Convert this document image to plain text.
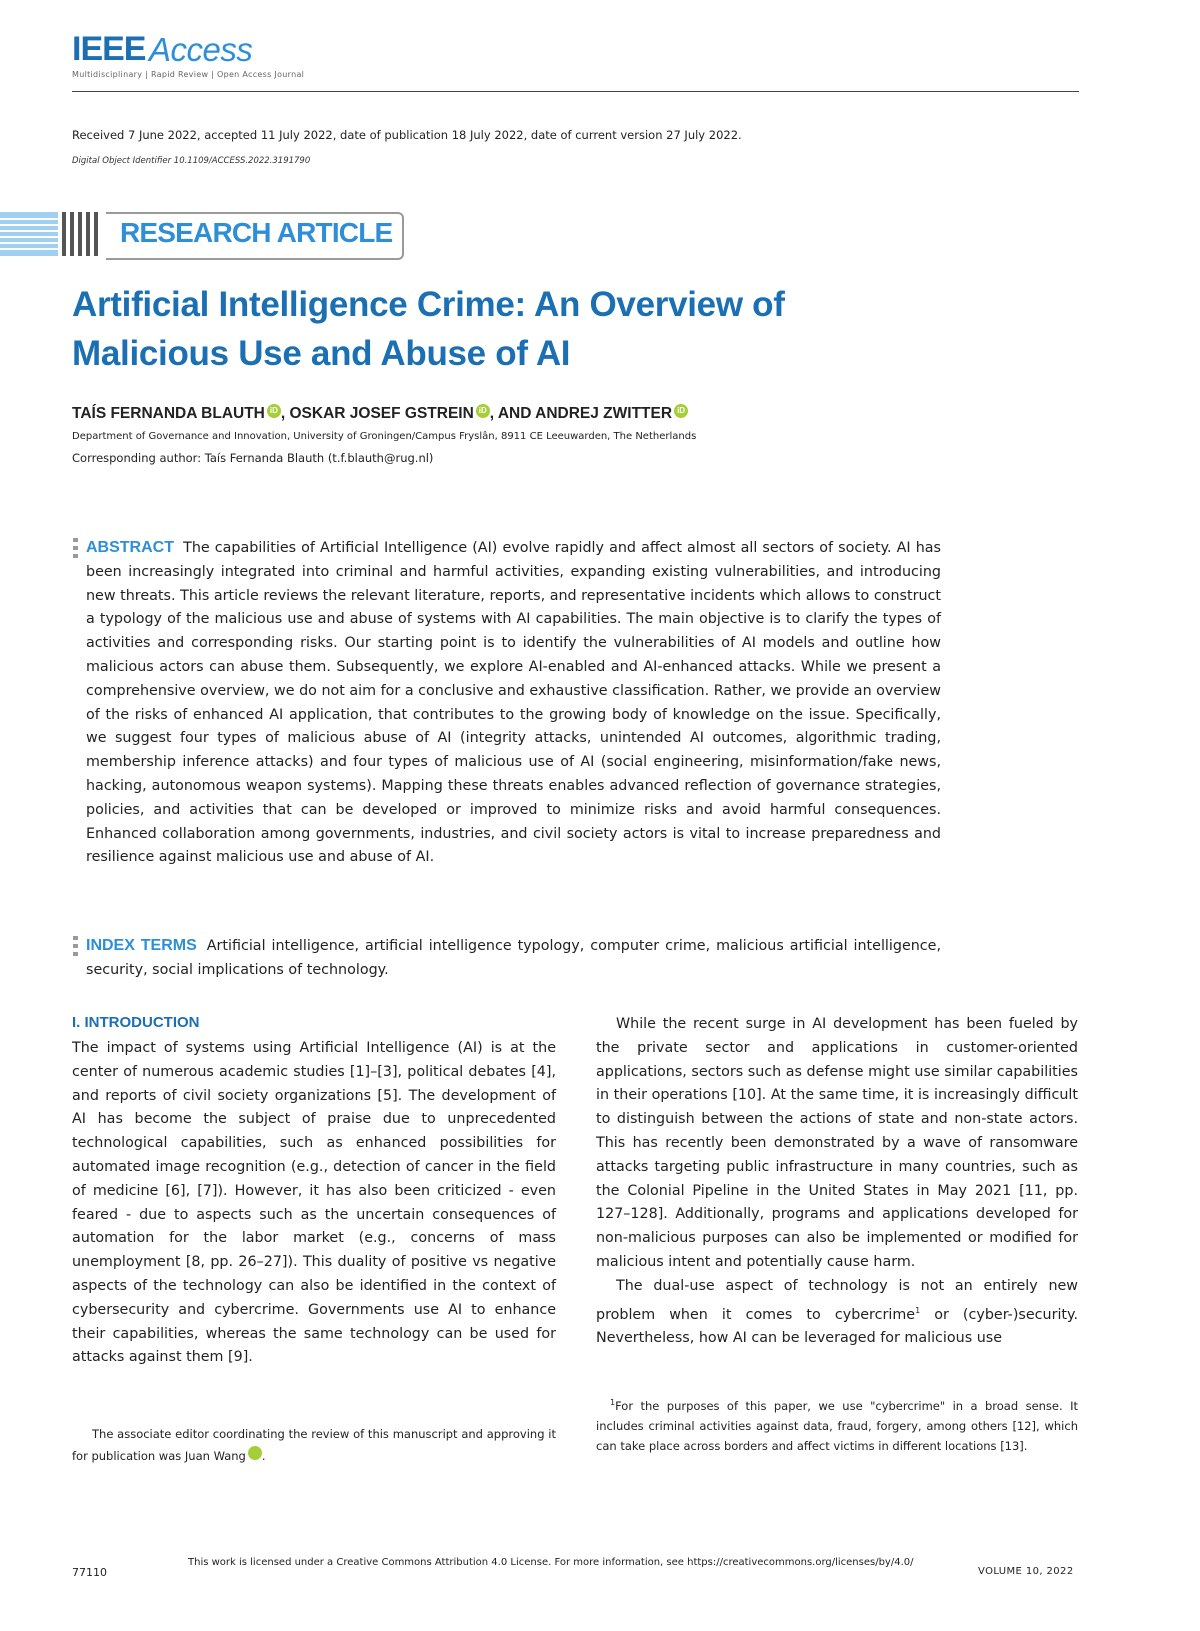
IEEE Access
Multidisciplinary | Rapid Review | Open Access Journal
Received 7 June 2022, accepted 11 July 2022, date of publication 18 July 2022, date of current version 27 July 2022.
Digital Object Identifier 10.1109/ACCESS.2022.3191790
RESEARCH ARTICLE
Artificial Intelligence Crime: An Overview of
Malicious Use and Abuse of AI
TAÍS FERNANDA BLAUTH iD , OSKAR JOSEF GSTREIN iD , AND ANDREJ ZWITTER iD
Department of Governance and Innovation, University of Groningen/Campus Fryslân, 8911 CE Leeuwarden, The Netherlands
Corresponding author: Taís Fernanda Blauth (t.f.blauth@rug.nl)
ABSTRACT The capabilities of Artificial Intelligence (AI) evolve rapidly and affect almost all sectors of society. AI has been increasingly integrated into criminal and harmful activities, expanding existing vulnerabilities, and introducing new threats. This article reviews the relevant literature, reports, and representative incidents which allows to construct a typology of the malicious use and abuse of systems with AI capabilities. The main objective is to clarify the types of activities and corresponding risks. Our starting point is to identify the vulnerabilities of AI models and outline how malicious actors can abuse them. Subsequently, we explore AI-enabled and AI-enhanced attacks. While we present a comprehensive overview, we do not aim for a conclusive and exhaustive classification. Rather, we provide an overview of the risks of enhanced AI application, that contributes to the growing body of knowledge on the issue. Specifically, we suggest four types of malicious abuse of AI (integrity attacks, unintended AI outcomes, algorithmic trading, membership inference attacks) and four types of malicious use of AI (social engineering, misinformation/fake news, hacking, autonomous weapon systems). Mapping these threats enables advanced reflection of governance strategies, policies, and activities that can be developed or improved to minimize risks and avoid harmful consequences. Enhanced collaboration among governments, industries, and civil society actors is vital to increase preparedness and resilience against malicious use and abuse of AI.
INDEX TERMS Artificial intelligence, artificial intelligence typology, computer crime, malicious artificial intelligence, security, social implications of technology.
I. INTRODUCTION

The impact of systems using Artificial Intelligence (AI) is at the center of numerous academic studies [1]–[3], political debates [4], and reports of civil society organizations [5]. The development of AI has become the subject of praise due to unprecedented technological capabilities, such as enhanced possibilities for automated image recognition (e.g., detection of cancer in the field of medicine [6], [7]). However, it has also been criticized - even feared - due to aspects such as the uncertain consequences of automation for the labor market (e.g., concerns of mass unemployment [8, pp. 26–27]). This duality of positive vs negative aspects of the technology can also be identified in the context of cybersecurity and cybercrime. Governments use AI to enhance their capabilities, whereas the same technology can be used for attacks against them [9].

While the recent surge in AI development has been fueled by the private sector and applications in customer-oriented applications, sectors such as defense might use similar capabilities in their operations [10]. At the same time, it is increasingly difficult to distinguish between the actions of state and non-state actors. This has recently been demonstrated by a wave of ransomware attacks targeting public infrastructure in many countries, such as the Colonial Pipeline in the United States in May 2021 [11, pp. 127–128]. Additionally, programs and applications developed for non-malicious purposes can also be implemented or modified for malicious intent and potentially cause harm.

The dual-use aspect of technology is not an entirely new problem when it comes to cybercrime$^1$ or (cyber-)security. Nevertheless, how AI can be leveraged for malicious use

The associate editor coordinating the review of this manuscript and approving it for publication was Juan Wang	iD.
$^1$For the purposes of this paper, we use "cybercrime" in a broad sense. It includes criminal activities against data, fraud, forgery, among others [12], which can take place across borders and affect victims in different locations [13].
77110
This work is licensed under a Creative Commons Attribution 4.0 License. For more information, see https://creativecommons.org/licenses/by/4.0/
VOLUME 10, 2022
